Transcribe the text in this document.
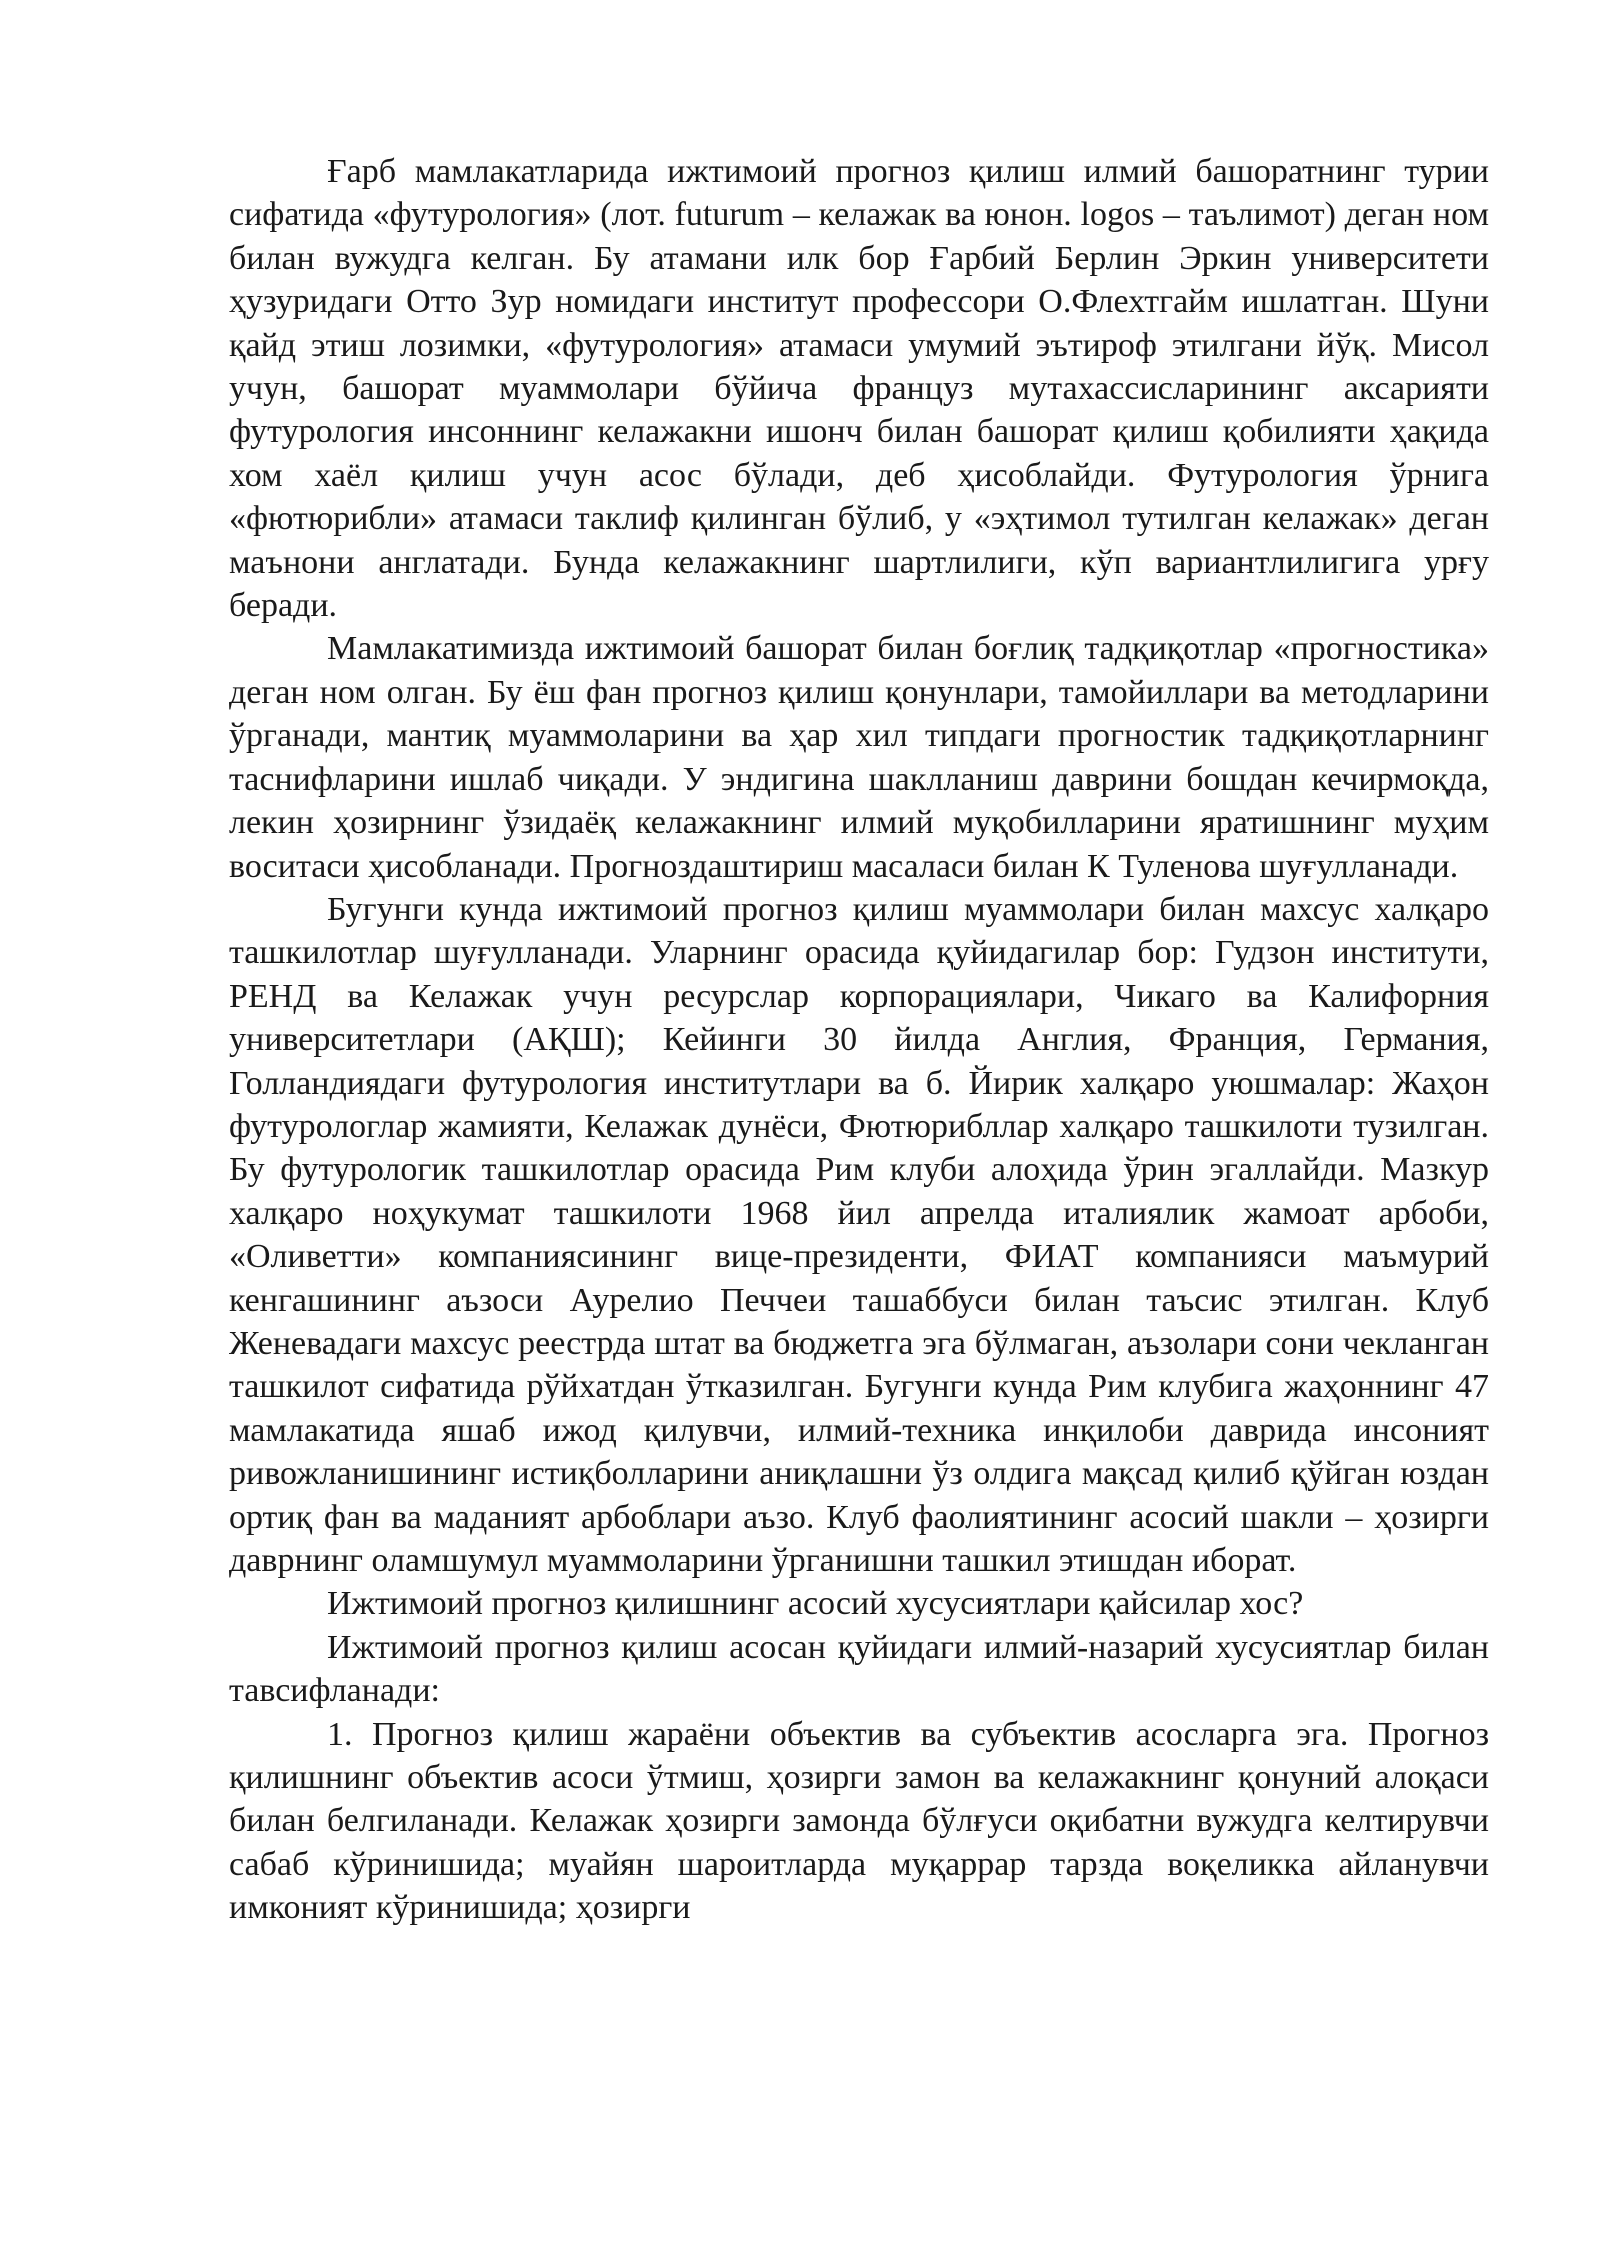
Ғарб мамлакатларида ижтимоий прогноз қилиш илмий башоратнинг турии сифатида «футурология» (лот. futurum – келажак ва юнон. logos – таълимот) деган ном билан вужудга келган. Бу атамани илк бор Ғарбий Берлин Эркин университети ҳузуридаги Отто Зур номидаги институт профессори О.Флехтгайм ишлатган. Шуни қайд этиш лозимки, «футурология» атамаси умумий эътироф этилгани йўқ. Мисол учун, башорат муаммолари бўйича француз мутахассисларининг аксарияти футурология инсоннинг келажакни ишонч билан башорат қилиш қобилияти ҳақида хом хаёл қилиш учун асос бўлади, деб ҳисоблайди. Футурология ўрнига «фютюрибли» атамаси таклиф қилинган бўлиб, у «эҳтимол тутилган келажак» деган маънони англатади. Бунда келажакнинг шартлилиги, кўп вариантлилигига урғу беради.

Мамлакатимизда ижтимоий башорат билан боғлиқ тадқиқотлар «прогностика» деган ном олган. Бу ёш фан прогноз қилиш қонунлари, тамойиллари ва методларини ўрганади, мантиқ муаммоларини ва ҳар хил типдаги прогностик тадқиқотларнинг таснифларини ишлаб чиқади. У эндигина шаклланиш даврини бошдан кечирмоқда, лекин ҳозирнинг ўзидаёқ келажакнинг илмий муқобилларини яратишнинг муҳим воситаси ҳисобланади. Прогноздаштириш масаласи билан К Туленова шуғулланади.

Бугунги кунда ижтимоий прогноз қилиш муаммолари билан махсус халқаро ташкилотлар шуғулланади. Уларнинг орасида қуйидагилар бор: Гудзон институти, РЕНД ва Келажак учун ресурслар корпорациялари, Чикаго ва Калифорния университетлари (АҚШ); Кейинги 30 йилда Англия, Франция, Германия, Голландиядаги футурология институтлари ва б. Йирик халқаро уюшмалар: Жаҳон футурологлар жамияти, Келажак дунёси, Фютюрибллар халқаро ташкилоти тузилган. Бу футурологик ташкилотлар орасида Рим клуби алоҳида ўрин эгаллайди. Мазкур халқаро ноҳукумат ташкилоти 1968 йил апрелда италиялик жамоат арбоби, «Оливетти» компаниясининг вице-президенти, ФИАТ компанияси маъмурий кенгашининг аъзоси Аурелио Печчеи ташаббуси билан таъсис этилган. Клуб Женевадаги махсус реестрда штат ва бюджетга эга бўлмаган, аъзолари сони чекланган ташкилот сифатида рўйхатдан ўтказилган. Бугунги кунда Рим клубига жаҳоннинг 47 мамлакатида яшаб ижод қилувчи, илмий-техника инқилоби даврида инсоният ривожланишининг истиқболларини аниқлашни ўз олдига мақсад қилиб қўйган юздан ортиқ фан ва маданият арбоблари аъзо. Клуб фаолиятининг асосий шакли – ҳозирги даврнинг оламшумул муаммоларини ўрганишни ташкил этишдан иборат.

Ижтимоий прогноз қилишнинг асосий хусусиятлари қайсилар хос?

Ижтимоий прогноз қилиш асосан қуйидаги илмий-назарий хусусиятлар билан тавсифланади:

1. Прогноз қилиш жараёни объектив ва субъектив асосларга эга. Прогноз қилишнинг объектив асоси ўтмиш, ҳозирги замон ва келажакнинг қонуний алоқаси билан белгиланади. Келажак ҳозирги замонда бўлғуси оқибатни вужудга келтирувчи сабаб кўринишида; муайян шароитларда муқаррар тарзда воқеликка айланувчи имконият кўринишида; ҳозирги
